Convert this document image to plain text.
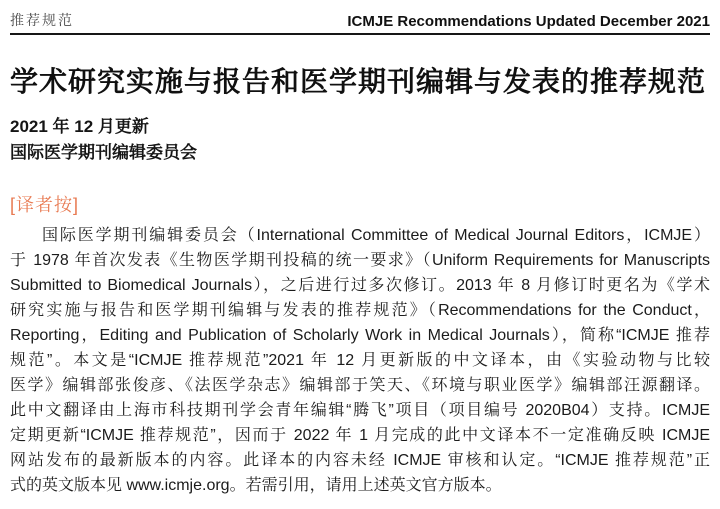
推荐规范	ICMJE Recommendations Updated December 2021
学术研究实施与报告和医学期刊编辑与发表的推荐规范
2021 年 12 月更新
国际医学期刊编辑委员会
[译者按]
国际医学期刊编辑委员会（International Committee of Medical Journal Editors，ICMJE）
于 1978 年首次发表《生物医学期刊投稿的统一要求》（Uniform Requirements for Manuscripts
Submitted to Biomedical Journals），之后进行过多次修订。2013 年 8 月修订时更名为《学术
研究实施与报告和医学期刊编辑与发表的推荐规范》（Recommendations for the Conduct，
Reporting，Editing and Publication of Scholarly Work in Medical Journals），简称“ICMJE 推荐
规范”。本文是“ICMJE 推荐规范”2021 年 12 月更新版的中文译本，由《实验动物与比较
医学》编辑部张俊彦、《法医学杂志》编辑部于笑天、《环境与职业医学》编辑部汪源翻译。
此中文翻译由上海市科技期刊学会青年编辑“腾飞”项目（项目编号 2020B04）支持。ICMJE
定期更新“ICMJE 推荐规范”，因而于 2022 年 1 月完成的此中文译本不一定准确反映 ICMJE
网站发布的最新版本的内容。此译本的内容未经 ICMJE 审核和认定。“ICMJE 推荐规范”正
式的英文版本见 www.icmje.org。若需引用，请用上述英文官方版本。
